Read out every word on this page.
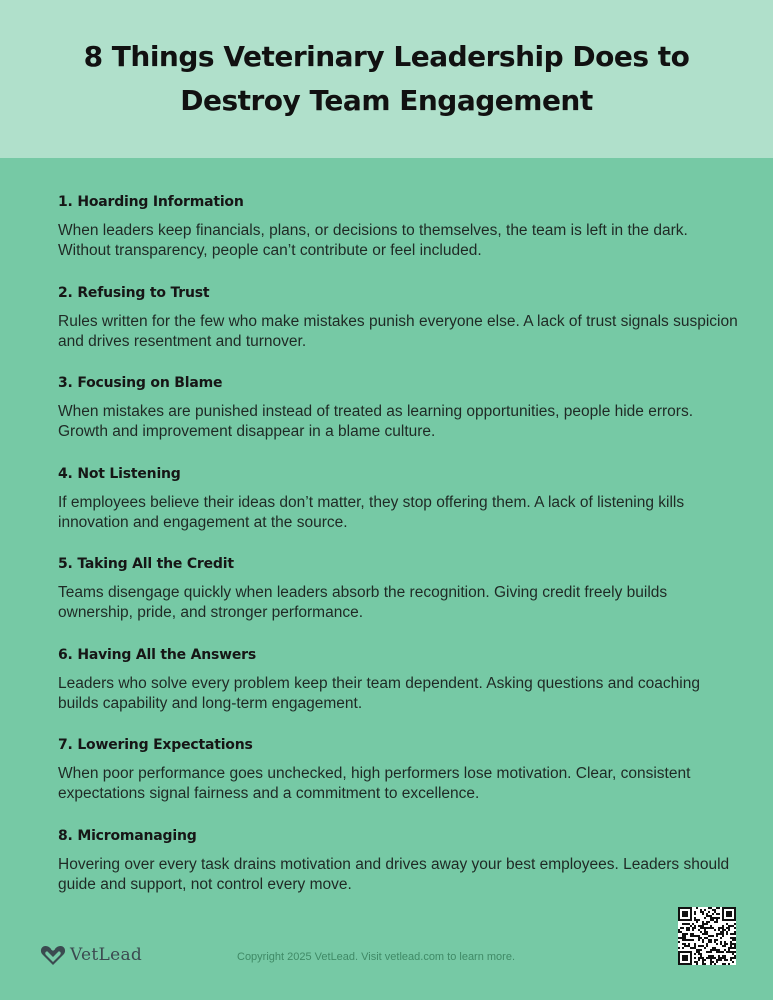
8 Things Veterinary Leadership Does to Destroy Team Engagement
1. Hoarding Information

When leaders keep financials, plans, or decisions to themselves, the team is left in the dark. Without transparency, people can’t contribute or feel included.

2. Refusing to Trust

Rules written for the few who make mistakes punish everyone else. A lack of trust signals suspicion and drives resentment and turnover.

3. Focusing on Blame

When mistakes are punished instead of treated as learning opportunities, people hide errors. Growth and improvement disappear in a blame culture.

4. Not Listening

If employees believe their ideas don’t matter, they stop offering them. A lack of listening kills innovation and engagement at the source.

5. Taking All the Credit

Teams disengage quickly when leaders absorb the recognition. Giving credit freely builds ownership, pride, and stronger performance.

6. Having All the Answers

Leaders who solve every problem keep their team dependent. Asking questions and coaching builds capability and long-term engagement.

7. Lowering Expectations

When poor performance goes unchecked, high performers lose motivation. Clear, consistent expectations signal fairness and a commitment to excellence.

8. Micromanaging

Hovering over every task drains motivation and drives away your best employees. Leaders should guide and support, not control every move.

VetLead	Copyright 2025 VetLead. Visit vetlead.com to learn more.
